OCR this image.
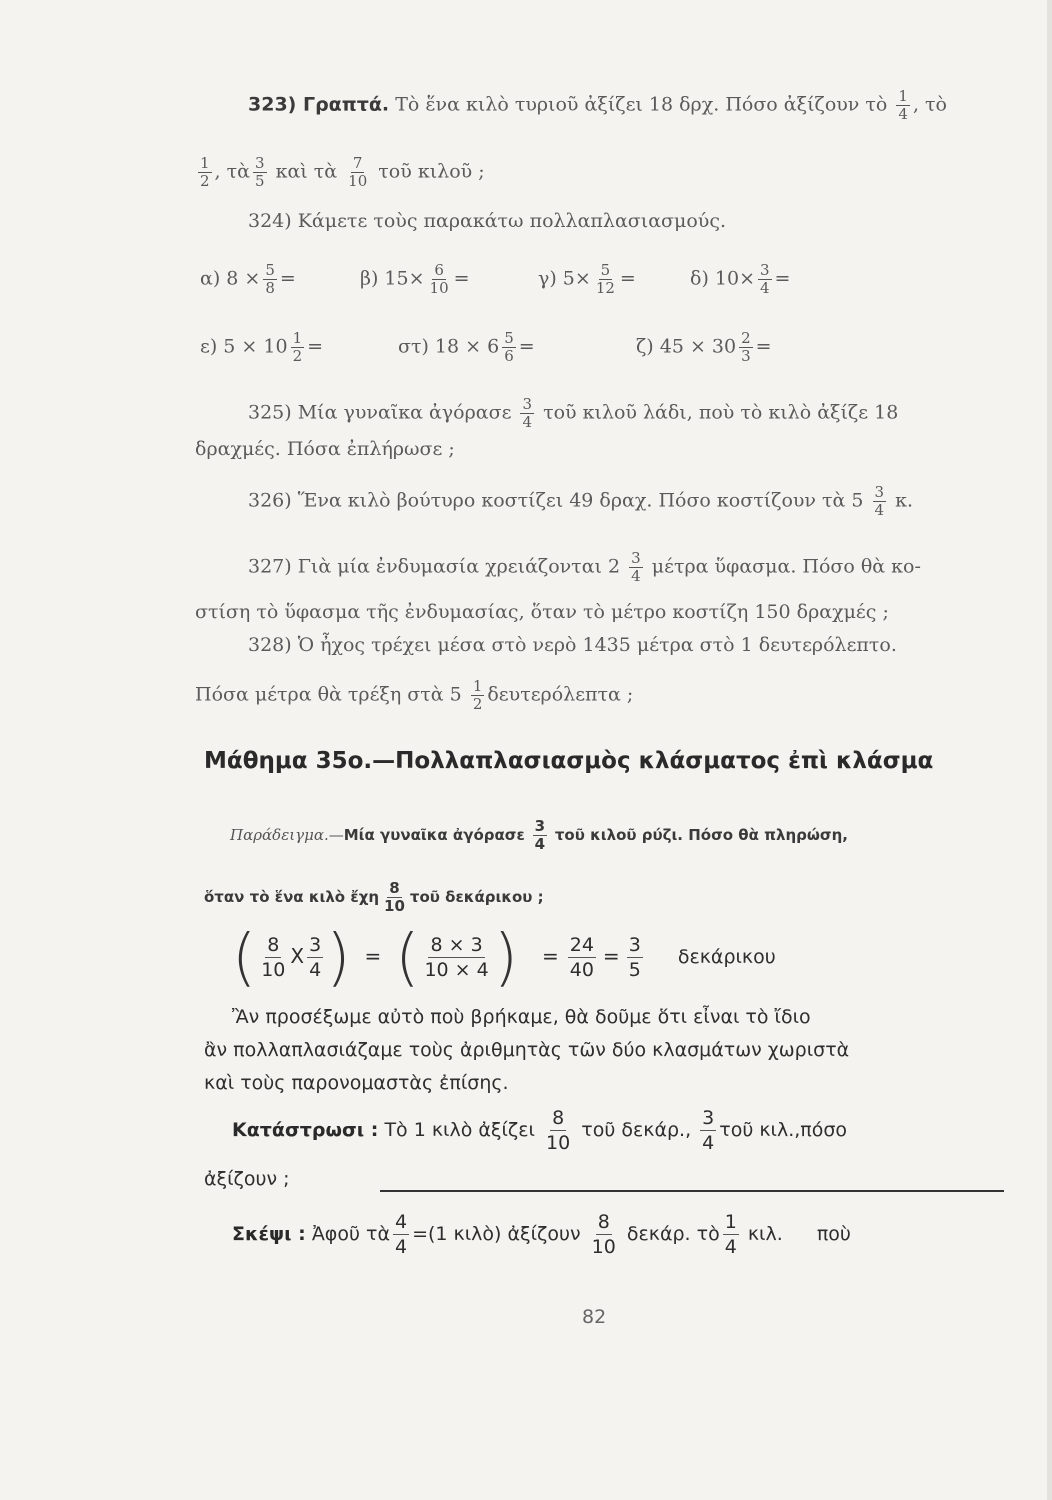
323) Γραπτά. Τὸ ἕνα κιλὸ τυριοῦ ἀξίζει 18 δρχ. Πόσο ἀξίζουν τὸ $\frac{1}{4}$ , τὸ
$\frac{1}{2}$ , τὰ $\frac{3}{5}$ καὶ τὰ $\frac{7}{10}$ τοῦ κιλοῦ ;
324) Κάμετε τοὺς παρακάτω πολλαπλασιασμούς.
α) $8 \times \frac{5}{8}$ =	β) $15\times \frac{6}{10}$ =	γ) $5\times \frac{5}{12}$ =	δ) $10\times \frac{3}{4}$ =
ε) $5 \times 10 \frac{1}{2}$ =	στ) $18 \times 6 \frac{5}{6}$ =	ζ) $45 \times 30 \frac{2}{3}$ =
325) Μία γυναῖκα ἀγόρασε $\frac{3}{4}$ τοῦ κιλοῦ λάδι, ποὺ τὸ κιλὸ ἀξίζε 18
δραχμές. Πόσα ἐπλήρωσε ;
326) Ἕνα κιλὸ βούτυρο κοστίζει 49 δραχ. Πόσο κοστίζουν τὰ $5 \frac{3}{4} \kappa$.
327) Γιὰ μία ἐνδυμασία χρειάζονται $2 \frac{3}{4}$ μέτρα ὕφασμα. Πόσο θὰ κο-
στίση τὸ ὕφασμα τῆς ἐνδυμασίας, ὅταν τὸ μέτρο κοστίζη 150 δραχμές ;
328) Ὁ ἦχος τρέχει μέσα στὸ νερὸ 1435 μέτρα στὸ 1 δευτερόλεπτο.
Πόσα μέτρα θὰ τρέξη στὰ $5 \frac{1}{2}$ δευτερόλεπτα ;
Μάθημα 35ο.—Πολλαπλασιασμὸς κλάσματος ἐπὶ κλάσμα
Παράδειγμα.—Μία γυναῖκα ἀγόρασε $\frac{3}{4}$ τοῦ κιλοῦ ρύζι. Πόσο θὰ πληρώση,
ὅταν τὸ ἕνα κιλὸ ἔχη $\frac{8}{10}$ τοῦ δεκάρικου ;
( $\frac{8}{10}$ X $\frac{3}{4}$ ) = ( $\frac{8 \times 3}{10 \times 4}$ ) = $\frac{24}{40} = \frac{3}{5}$ δεκάρικου
Ἂν προσέξωμε αὐτὸ ποὺ βρήκαμε, θὰ δοῦμε ὅτι εἶναι τὸ ἴδιο
ἂν πολλαπλασιάζαμε τοὺς ἀριθμητὰς τῶν δύο κλασμάτων χωριστὰ
καὶ τοὺς παρονομαστὰς ἐπίσης.
Κατάστρωσι : Τὸ 1 κιλὸ ἀξίζει $\frac{8}{10}$ τοῦ δεκάρ., $\frac{3}{4}$ τοῦ κιλ.,πόσο
ἀξίζουν ;
Σκέψι : Ἀφοῦ τὰ $\frac{4}{4} =(1$ κιλὸ) ἀξίζουν $\frac{8}{10} \delta\varepsilon\kappa ά\rho$. τὸ $\frac{1}{4} \kappa\iota\lambda$. ποὺ
82
